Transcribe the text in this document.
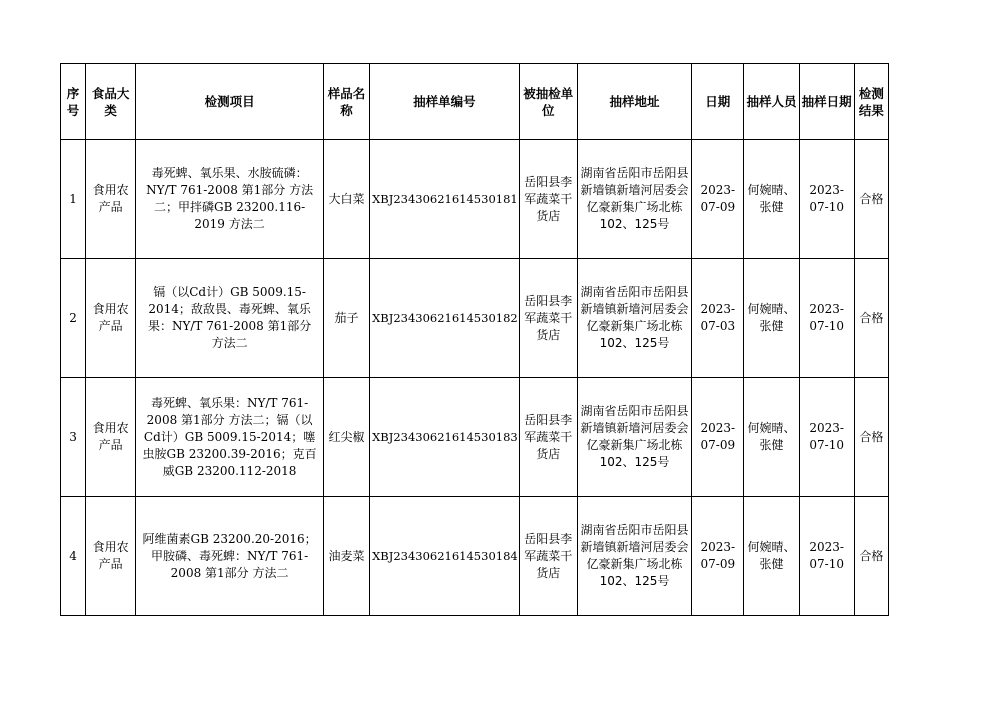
序号	食品大类	检测项目	样品名称	抽样单编号	被抽检单位	抽样地址	日期	抽样人员	抽样日期	检测结果
1	食用农产品	毒死蜱、氧乐果、水胺硫磷：NY/T 761-2008 第1部分 方法二；甲拌磷GB 23200.116-2019 方法二	大白菜	XBJ23430621614530181	岳阳县李军蔬菜干货店	湖南省岳阳市岳阳县新墙镇新墙河居委会亿豪新集广场北栋102、125号	2023-07-09	何婉晴、张健	2023-07-10	合格
2	食用农产品	镉（以Cd计）GB 5009.15-2014；敌敌畏、毒死蜱、氧乐果：NY/T 761-2008 第1部分 方法二	茄子	XBJ23430621614530182	岳阳县李军蔬菜干货店	湖南省岳阳市岳阳县新墙镇新墙河居委会亿豪新集广场北栋102、125号	2023-07-03	何婉晴、张健	2023-07-10	合格
3	食用农产品	毒死蜱、氧乐果：NY/T 761-2008 第1部分 方法二；镉（以Cd计）GB 5009.15-2014；噻虫胺GB 23200.39-2016；克百威GB 23200.112-2018	红尖椒	XBJ23430621614530183	岳阳县李军蔬菜干货店	湖南省岳阳市岳阳县新墙镇新墙河居委会亿豪新集广场北栋102、125号	2023-07-09	何婉晴、张健	2023-07-10	合格
4	食用农产品	阿维菌素GB 23200.20-2016；甲胺磷、毒死蜱：NY/T 761-2008 第1部分 方法二	油麦菜	XBJ23430621614530184	岳阳县李军蔬菜干货店	湖南省岳阳市岳阳县新墙镇新墙河居委会亿豪新集广场北栋102、125号	2023-07-09	何婉晴、张健	2023-07-10	合格
